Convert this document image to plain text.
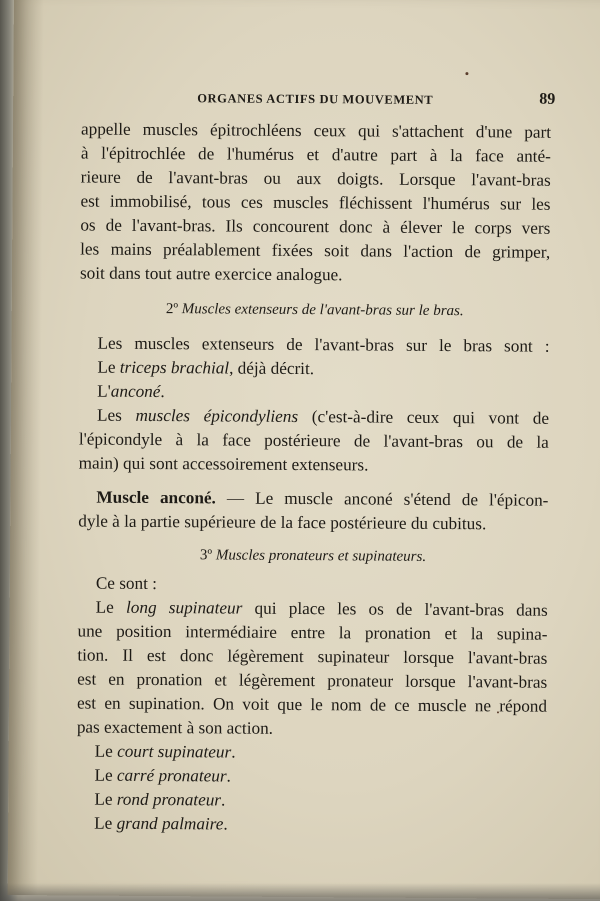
ORGANES ACTIFS DU MOUVEMENT	89
appelle muscles épitrochléens ceux qui s'attachent d'une part
à l'épitrochlée de l'humérus et d'autre part à la face anté-
rieure de l'avant-bras ou aux doigts. Lorsque l'avant-bras
est immobilisé, tous ces muscles fléchissent l'humérus sur les
os de l'avant-bras. Ils concourent donc à élever le corps vers
les mains préalablement fixées soit dans l'action de grimper,
soit dans tout autre exercice analogue.
2º Muscles extenseurs de l'avant-bras sur le bras.
Les muscles extenseurs de l'avant-bras sur le bras sont :
Le triceps brachial, déjà décrit.
L'anconé.
Les muscles épicondyliens (c'est-à-dire ceux qui vont de
l'épicondyle à la face postérieure de l'avant-bras ou de la
main) qui sont accessoirement extenseurs.
Muscle anconé. — Le muscle anconé s'étend de l'épicon-
dyle à la partie supérieure de la face postérieure du cubitus.
3º Muscles pronateurs et supinateurs.
Ce sont :
Le long supinateur qui place les os de l'avant-bras dans
une position intermédiaire entre la pronation et la supina-
tion. Il est donc légèrement supinateur lorsque l'avant-bras
est en pronation et légèrement pronateur lorsque l'avant-bras
est en supination. On voit que le nom de ce muscle ne répond
pas exactement à son action.
Le court supinateur.
Le carré pronateur.
Le rond pronateur.
Le grand palmaire.
